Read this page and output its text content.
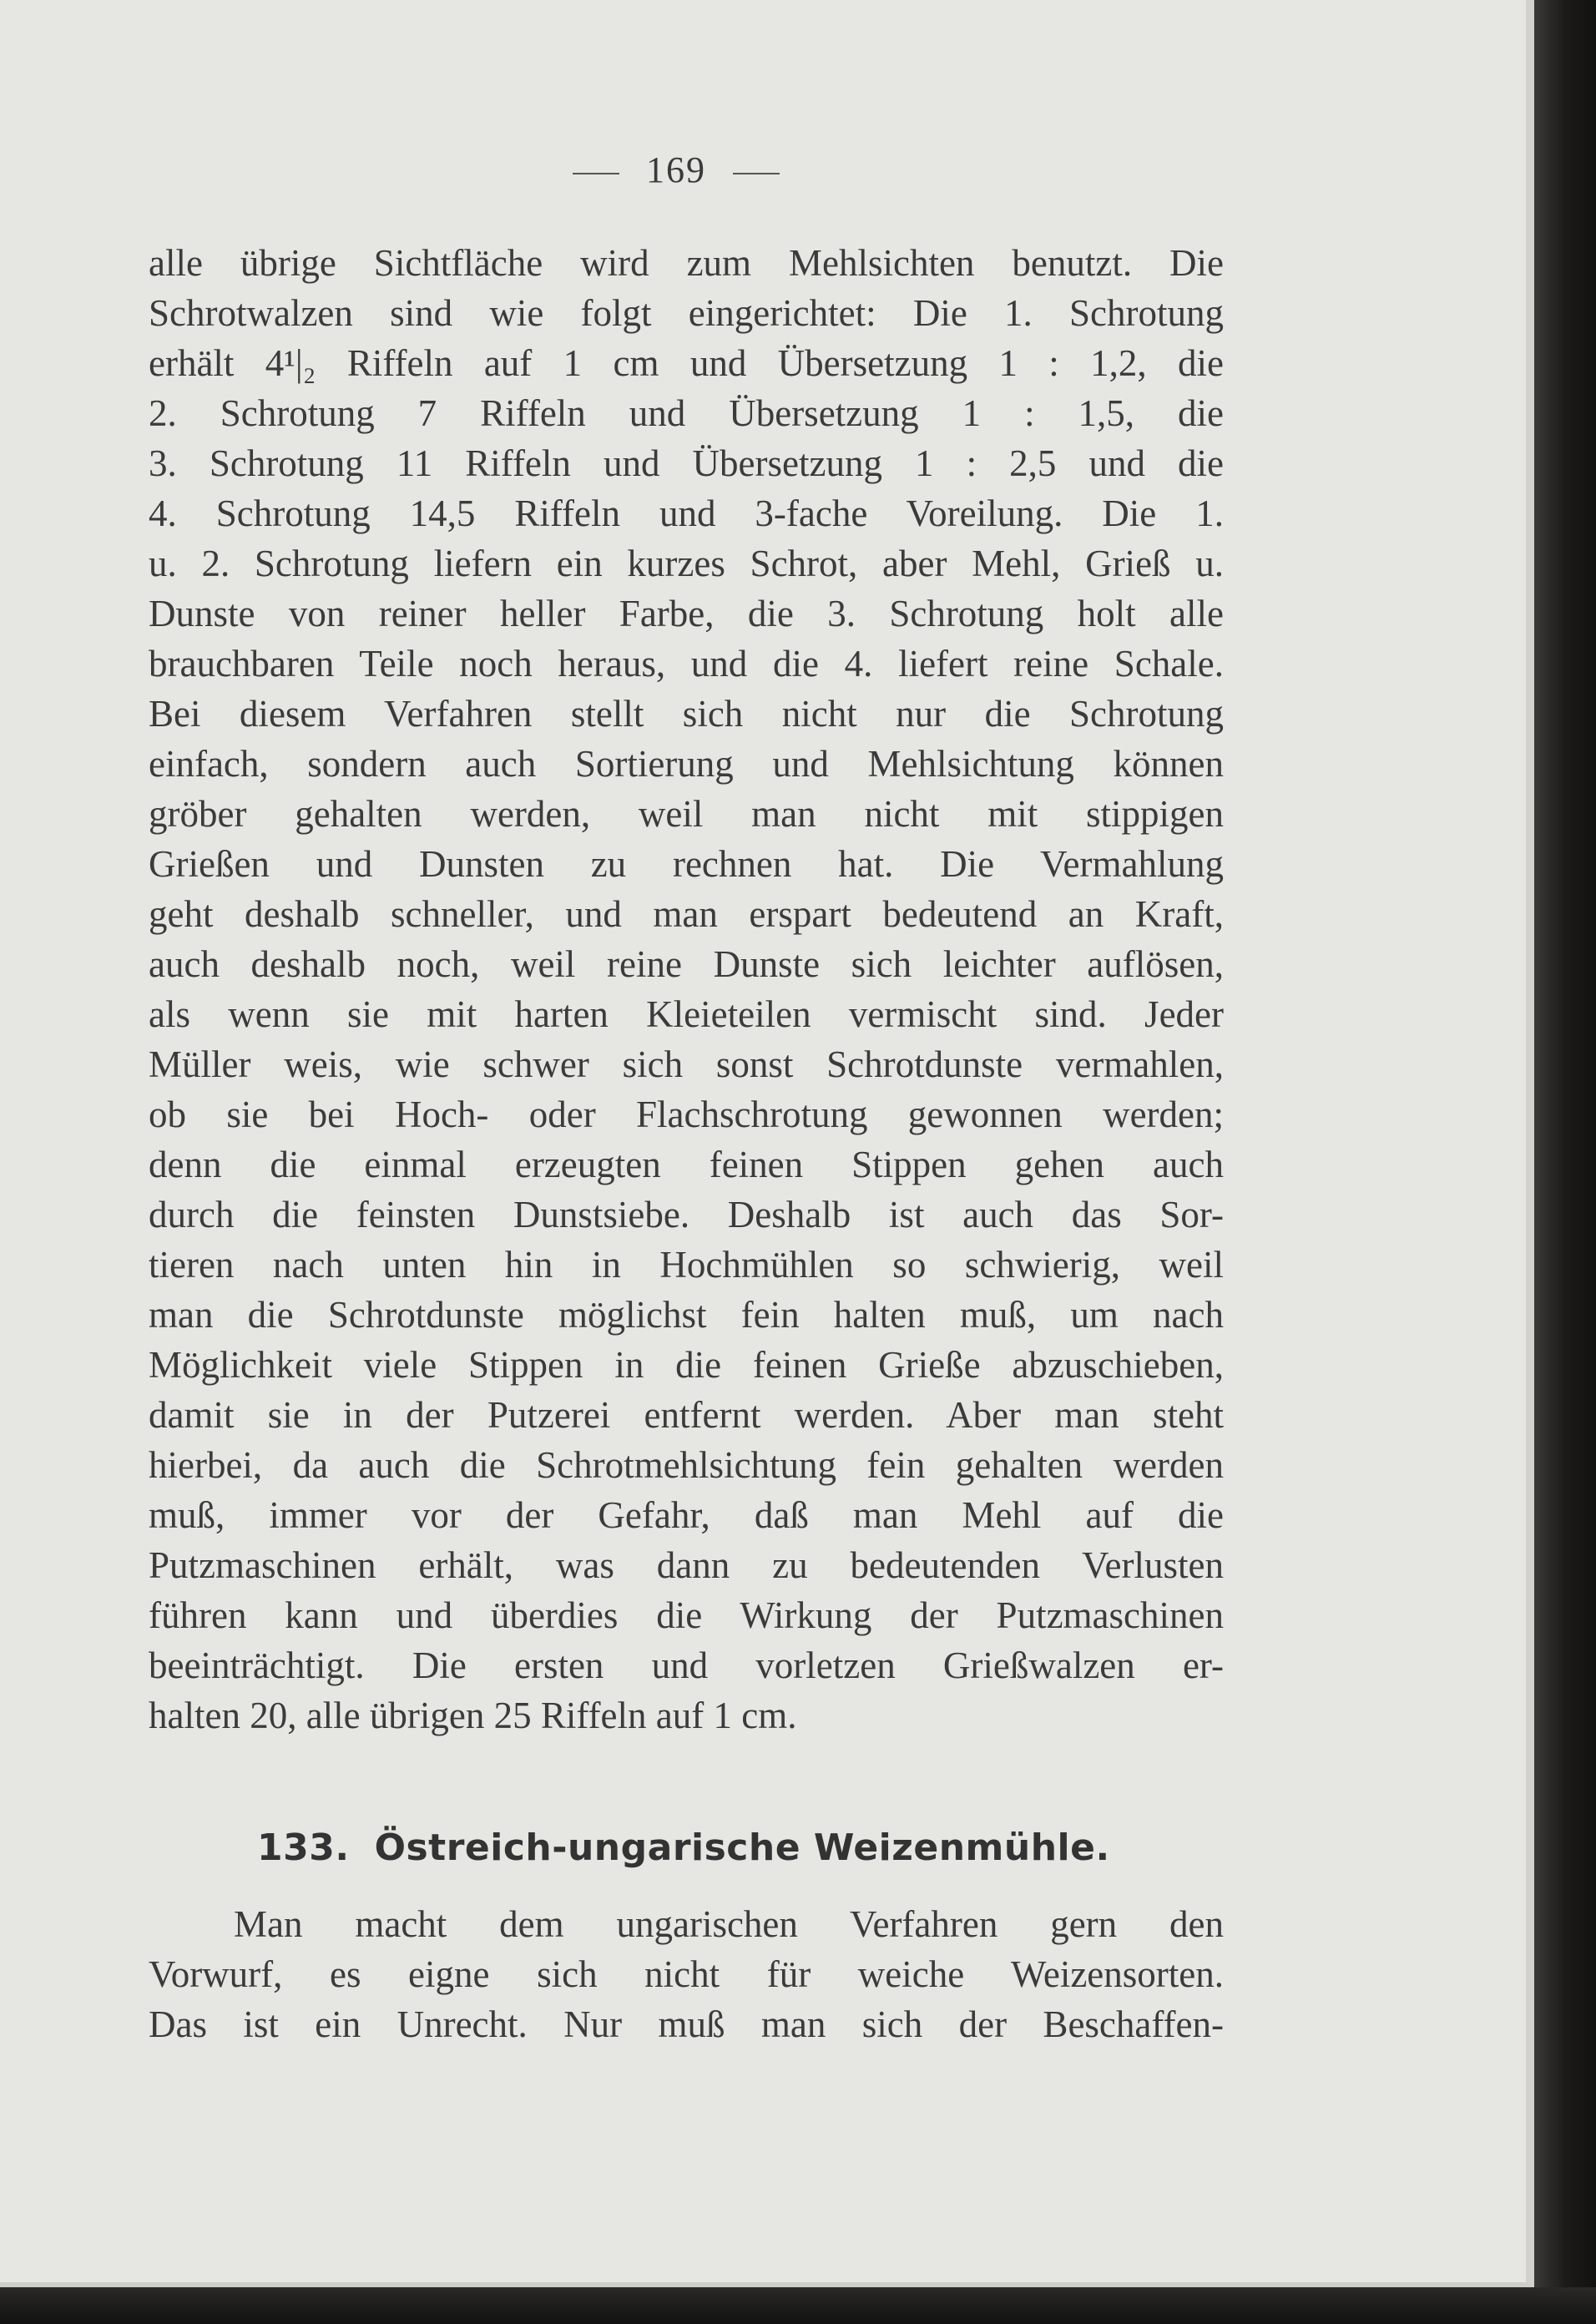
169
alle übrige Sichtfläche wird zum Mehlsichten benutzt. Die
Schrotwalzen sind wie folgt eingerichtet: Die 1. Schrotung
erhält 4¹|₂ Riffeln auf 1 cm und Übersetzung 1 : 1,2, die
2. Schrotung 7 Riffeln und Übersetzung 1 : 1,5, die
3. Schrotung 11 Riffeln und Übersetzung 1 : 2,5 und die
4. Schrotung 14,5 Riffeln und 3-fache Voreilung. Die 1.
u. 2. Schrotung liefern ein kurzes Schrot, aber Mehl, Grieß u.
Dunste von reiner heller Farbe, die 3. Schrotung holt alle
brauchbaren Teile noch heraus, und die 4. liefert reine Schale.
Bei diesem Verfahren stellt sich nicht nur die Schrotung
einfach, sondern auch Sortierung und Mehlsichtung können
gröber gehalten werden, weil man nicht mit stippigen
Grießen und Dunsten zu rechnen hat. Die Vermahlung
geht deshalb schneller, und man erspart bedeutend an Kraft,
auch deshalb noch, weil reine Dunste sich leichter auflösen,
als wenn sie mit harten Kleieteilen vermischt sind. Jeder
Müller weis, wie schwer sich sonst Schrotdunste vermahlen,
ob sie bei Hoch- oder Flachschrotung gewonnen werden;
denn die einmal erzeugten feinen Stippen gehen auch
durch die feinsten Dunstsiebe. Deshalb ist auch das Sor-
tieren nach unten hin in Hochmühlen so schwierig, weil
man die Schrotdunste möglichst fein halten muß, um nach
Möglichkeit viele Stippen in die feinen Grieße abzuschieben,
damit sie in der Putzerei entfernt werden. Aber man steht
hierbei, da auch die Schrotmehlsichtung fein gehalten werden
muß, immer vor der Gefahr, daß man Mehl auf die
Putzmaschinen erhält, was dann zu bedeutenden Verlusten
führen kann und überdies die Wirkung der Putzmaschinen
beeinträchtigt. Die ersten und vorletzen Grießwalzen er-
halten 20, alle übrigen 25 Riffeln auf 1 cm.
133. Östreich-ungarische Weizenmühle.
Man macht dem ungarischen Verfahren gern den
Vorwurf, es eigne sich nicht für weiche Weizensorten.
Das ist ein Unrecht. Nur muß man sich der Beschaffen-
